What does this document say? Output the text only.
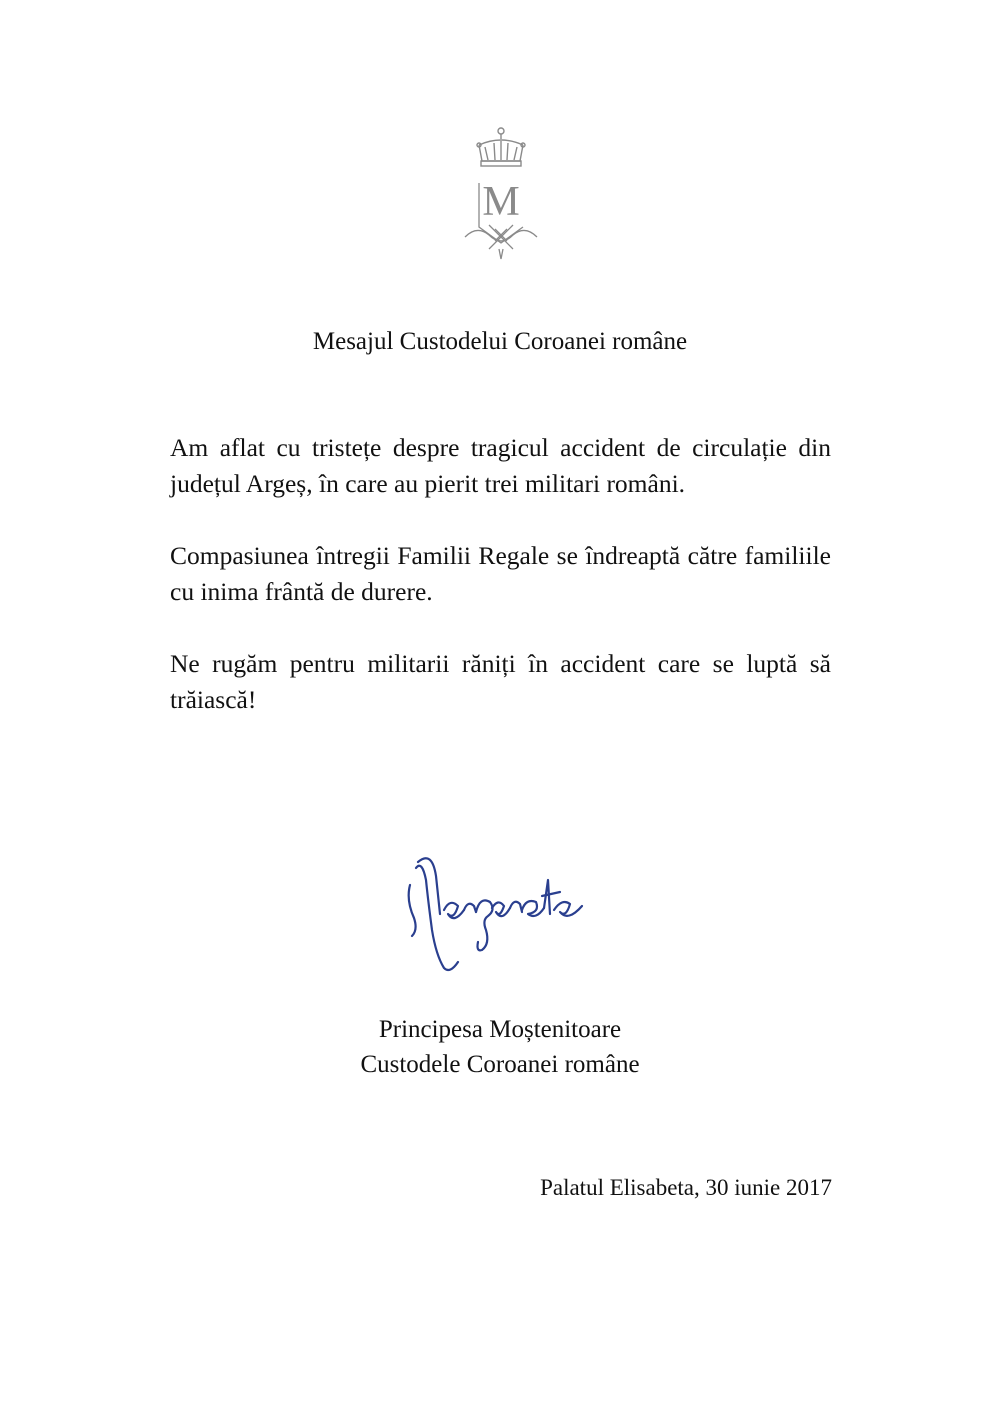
M
Mesajul Custodelui Coroanei române

Am aflat cu tristețe despre tragicul accident de circulație din județul Argeș, în care au pierit trei militari români.

Compasiunea întregii Familii Regale se îndreaptă către familiile cu inima frântă de durere.

Ne rugăm pentru militarii răniți în accident care se luptă să trăiască!

Principesa Moștenitoare
Custodele Coroanei române
Palatul Elisabeta, 30 iunie 2017
